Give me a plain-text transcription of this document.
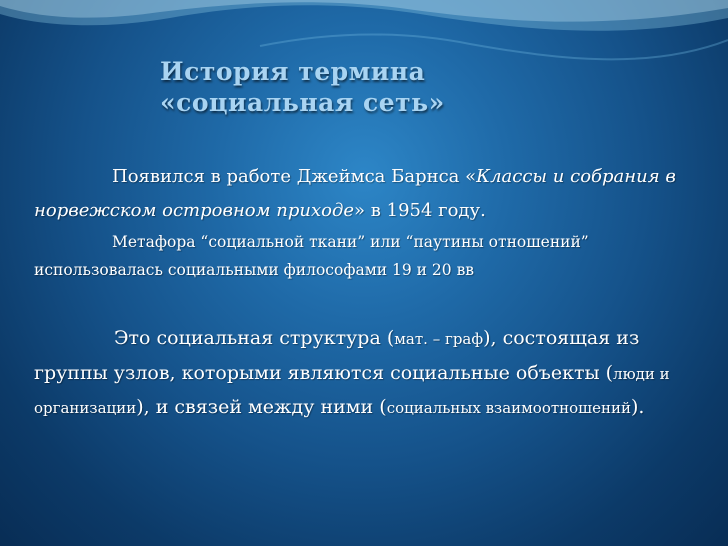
История термина
«социальная сеть»

Появился в работе Джеймса Барнса «Классы и собрания в норвежском островном приходе» в 1954 году.

Метафора “социальной ткани” или “паутины отношений” использовалась социальными философами 19 и 20 вв

Это социальная структура (мат. – граф), состоящая из группы узлов, которыми являются социальные объекты (люди и организации), и связей между ними (социальных взаимоотношений).
